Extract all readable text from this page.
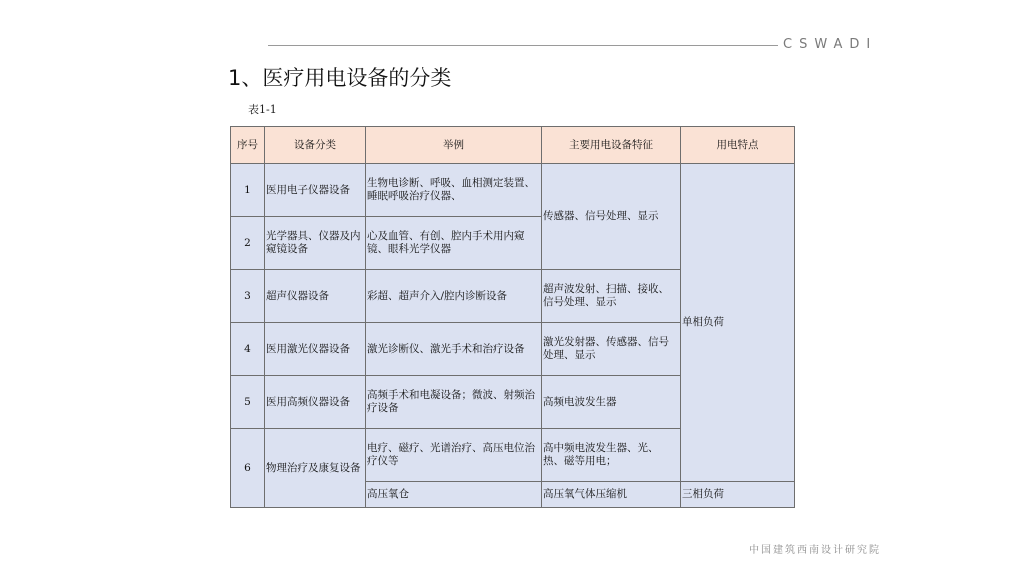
CSWADI
1、医疗用电设备的分类
表1-1
序号	设备分类	举例	主要用电设备特征	用电特点
1	医用电子仪器设备	生物电诊断、呼吸、血相测定装置、睡眠呼吸治疗仪器、	传感器、信号处理、显示	单相负荷
2	光学器具、仪器及内窥镜设备	心及血管、有创、腔内手术用内窥镜、眼科光学仪器		
3	超声仪器设备	彩超、超声介入/腔内诊断设备	超声波发射、扫描、接收、信号处理、显示	
4	医用激光仪器设备	激光诊断仪、激光手术和治疗设备	激光发射器、传感器、信号处理、显示	
5	医用高频仪器设备	高频手术和电凝设备；微波、射频治疗设备	高频电波发生器	
6	物理治疗及康复设备	电疗、磁疗、光谱治疗、高压电位治疗仪等	高中频电波发生器、光、热、磁等用电；	
		高压氧仓	高压氧气体压缩机	三相负荷
中国建筑西南设计研究院
